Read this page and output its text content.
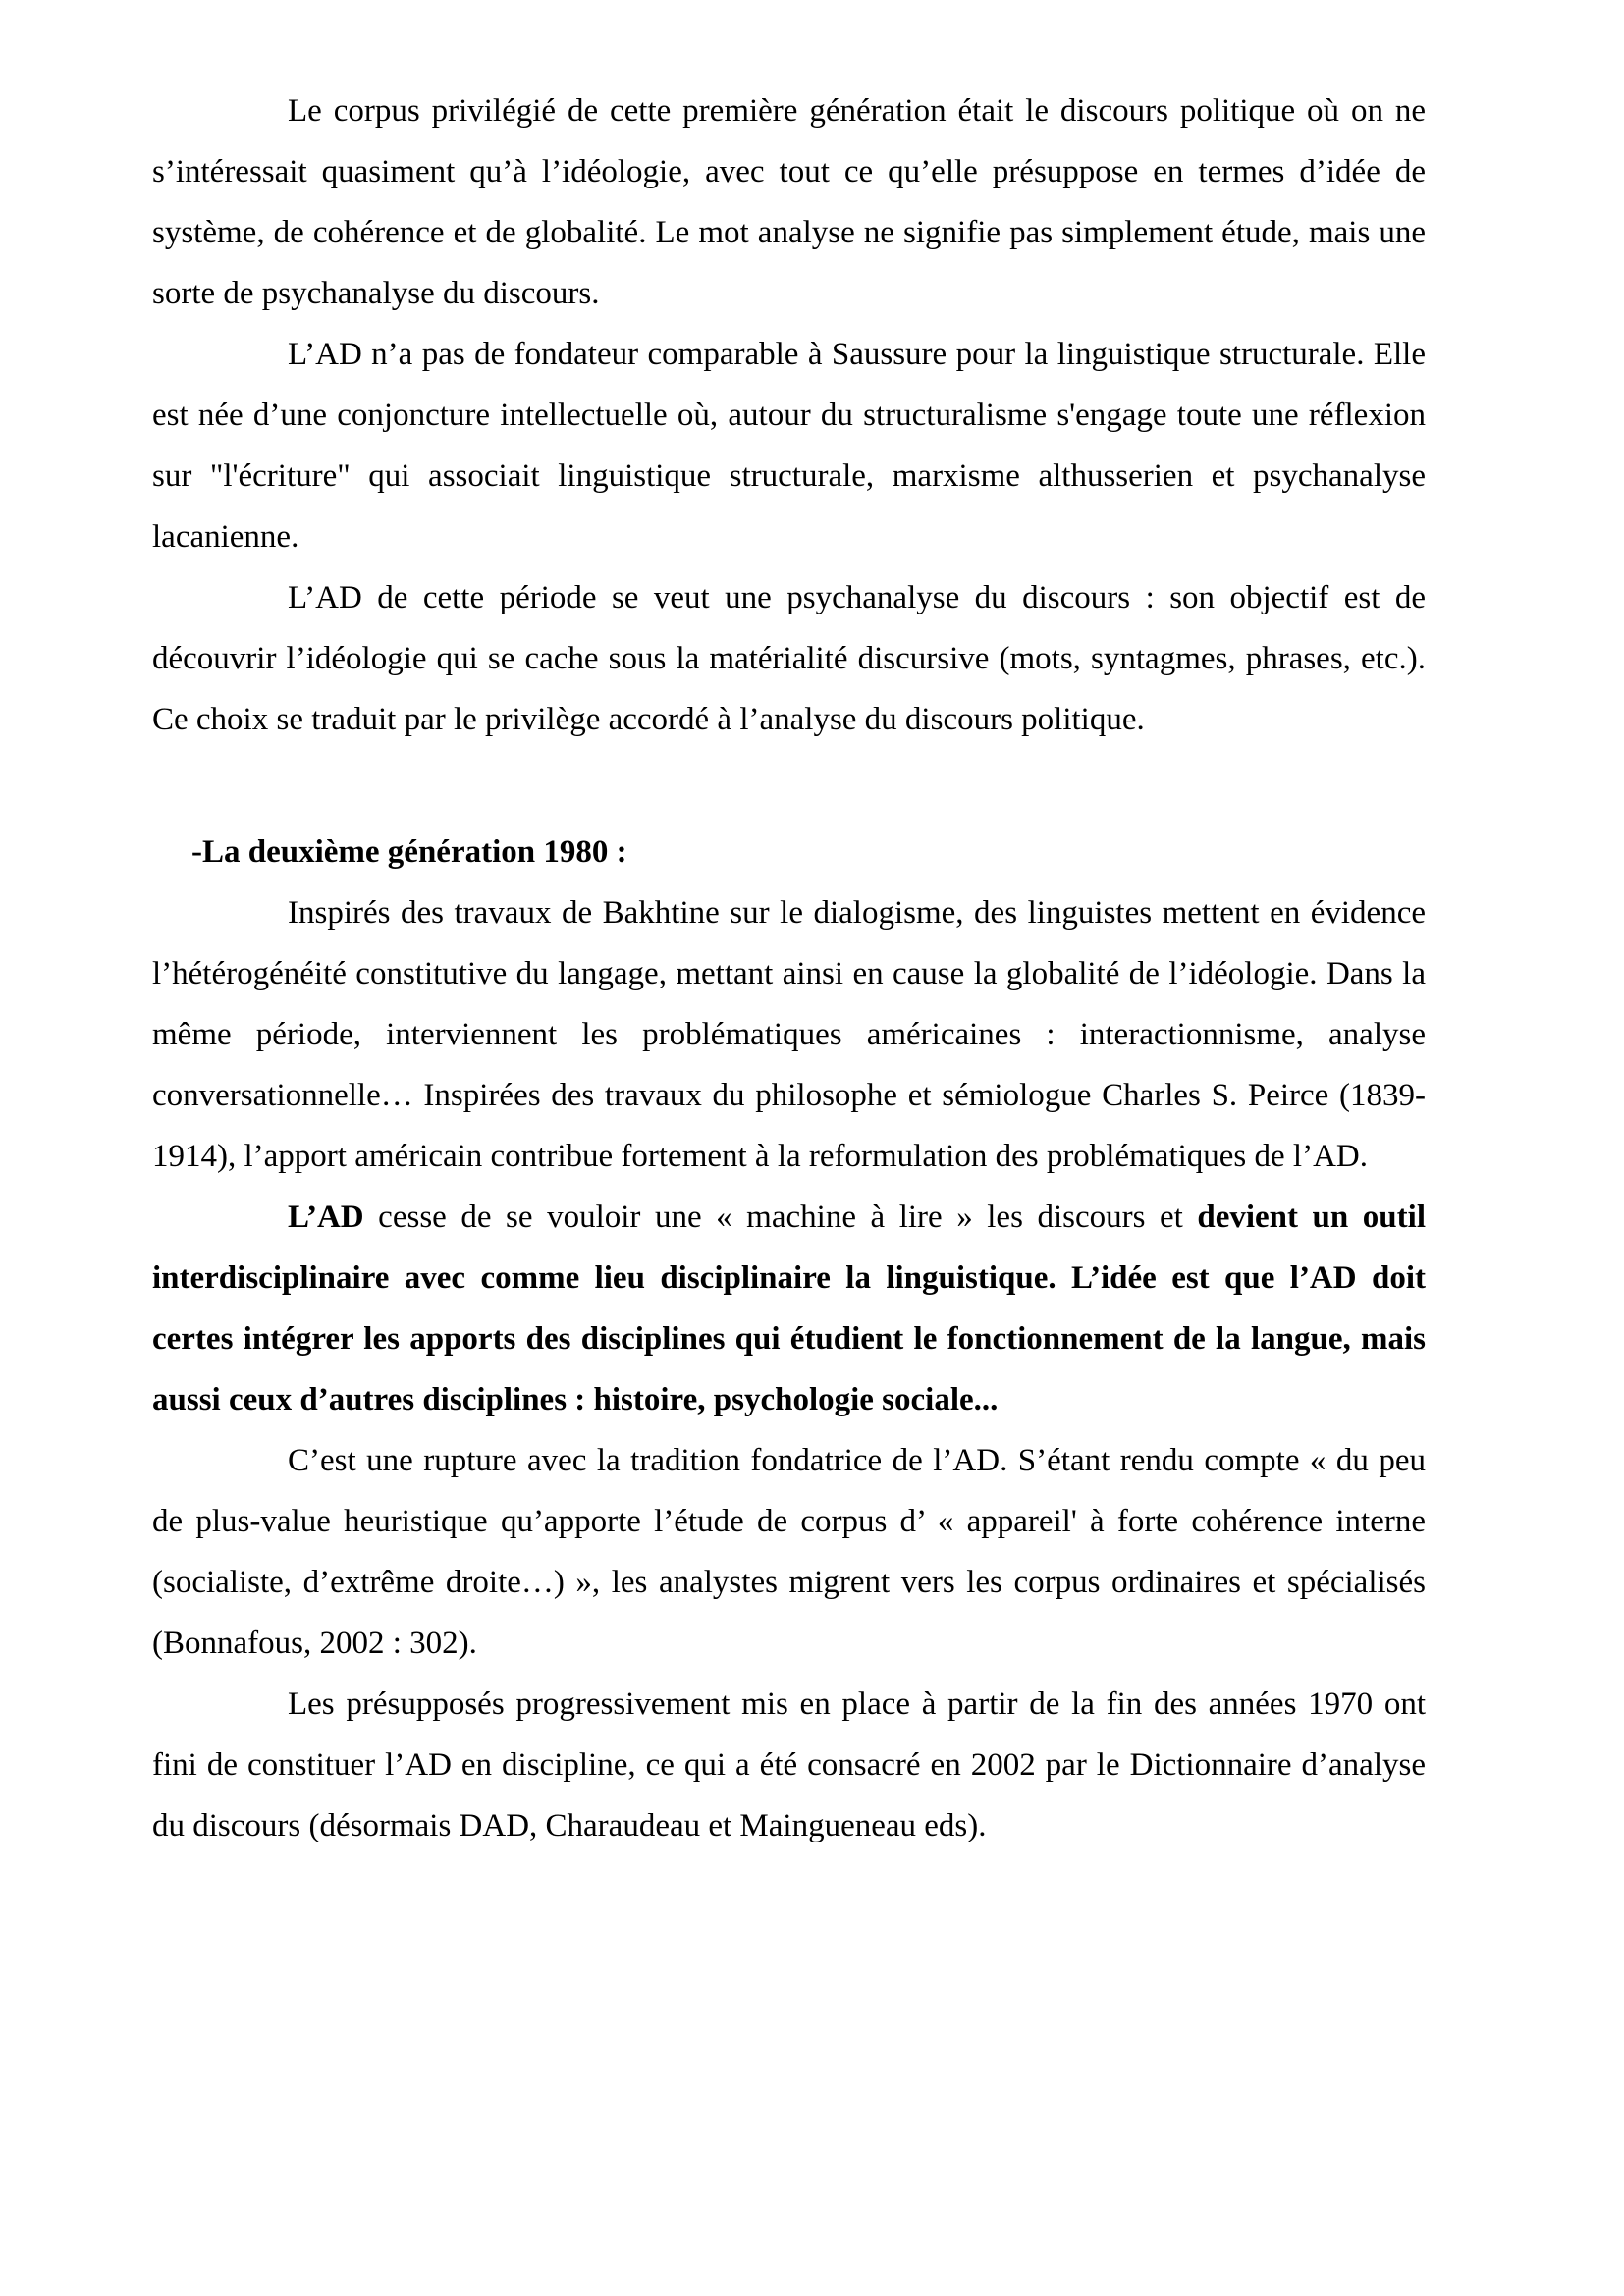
Le corpus privilégié de cette première génération était le discours politique où on ne s’intéressait quasiment qu’à l’idéologie, avec tout ce qu’elle présuppose en termes d’idée de système, de cohérence et de globalité. Le mot analyse ne signifie pas simplement étude, mais une sorte de psychanalyse du discours.

L’AD n’a pas de fondateur comparable à Saussure pour la linguistique structurale. Elle est née d’une conjoncture intellectuelle où, autour du structuralisme s'engage toute une réflexion sur "l'écriture" qui associait linguistique structurale, marxisme althusserien et psychanalyse lacanienne.

L’AD de cette période se veut une psychanalyse du discours : son objectif est de découvrir l’idéologie qui se cache sous la matérialité discursive (mots, syntagmes, phrases, etc.). Ce choix se traduit par le privilège accordé à l’analyse du discours politique.

-La deuxième génération 1980 :

Inspirés des travaux de Bakhtine sur le dialogisme, des linguistes mettent en évidence l’hétérogénéité constitutive du langage, mettant ainsi en cause la globalité de l’idéologie. Dans la même période, interviennent les problématiques américaines : interactionnisme, analyse conversationnelle… Inspirées des travaux du philosophe et sémiologue Charles S. Peirce (1839-1914), l’apport américain contribue fortement à la reformulation des problématiques de l’AD.

L’AD cesse de se vouloir une « machine à lire » les discours et devient un outil interdisciplinaire avec comme lieu disciplinaire la linguistique. L’idée est que l’AD doit certes intégrer les apports des disciplines qui étudient le fonctionnement de la langue, mais aussi ceux d’autres disciplines : histoire, psychologie sociale...

C’est une rupture avec la tradition fondatrice de l’AD. S’étant rendu compte « du peu de plus-value heuristique qu’apporte l’étude de corpus d’ « appareil' à forte cohérence interne (socialiste, d’extrême droite…) », les analystes migrent vers les corpus ordinaires et spécialisés (Bonnafous, 2002 : 302).

Les présupposés progressivement mis en place à partir de la fin des années 1970 ont fini de constituer l’AD en discipline, ce qui a été consacré en 2002 par le Dictionnaire d’analyse du discours (désormais DAD, Charaudeau et Maingueneau eds).
